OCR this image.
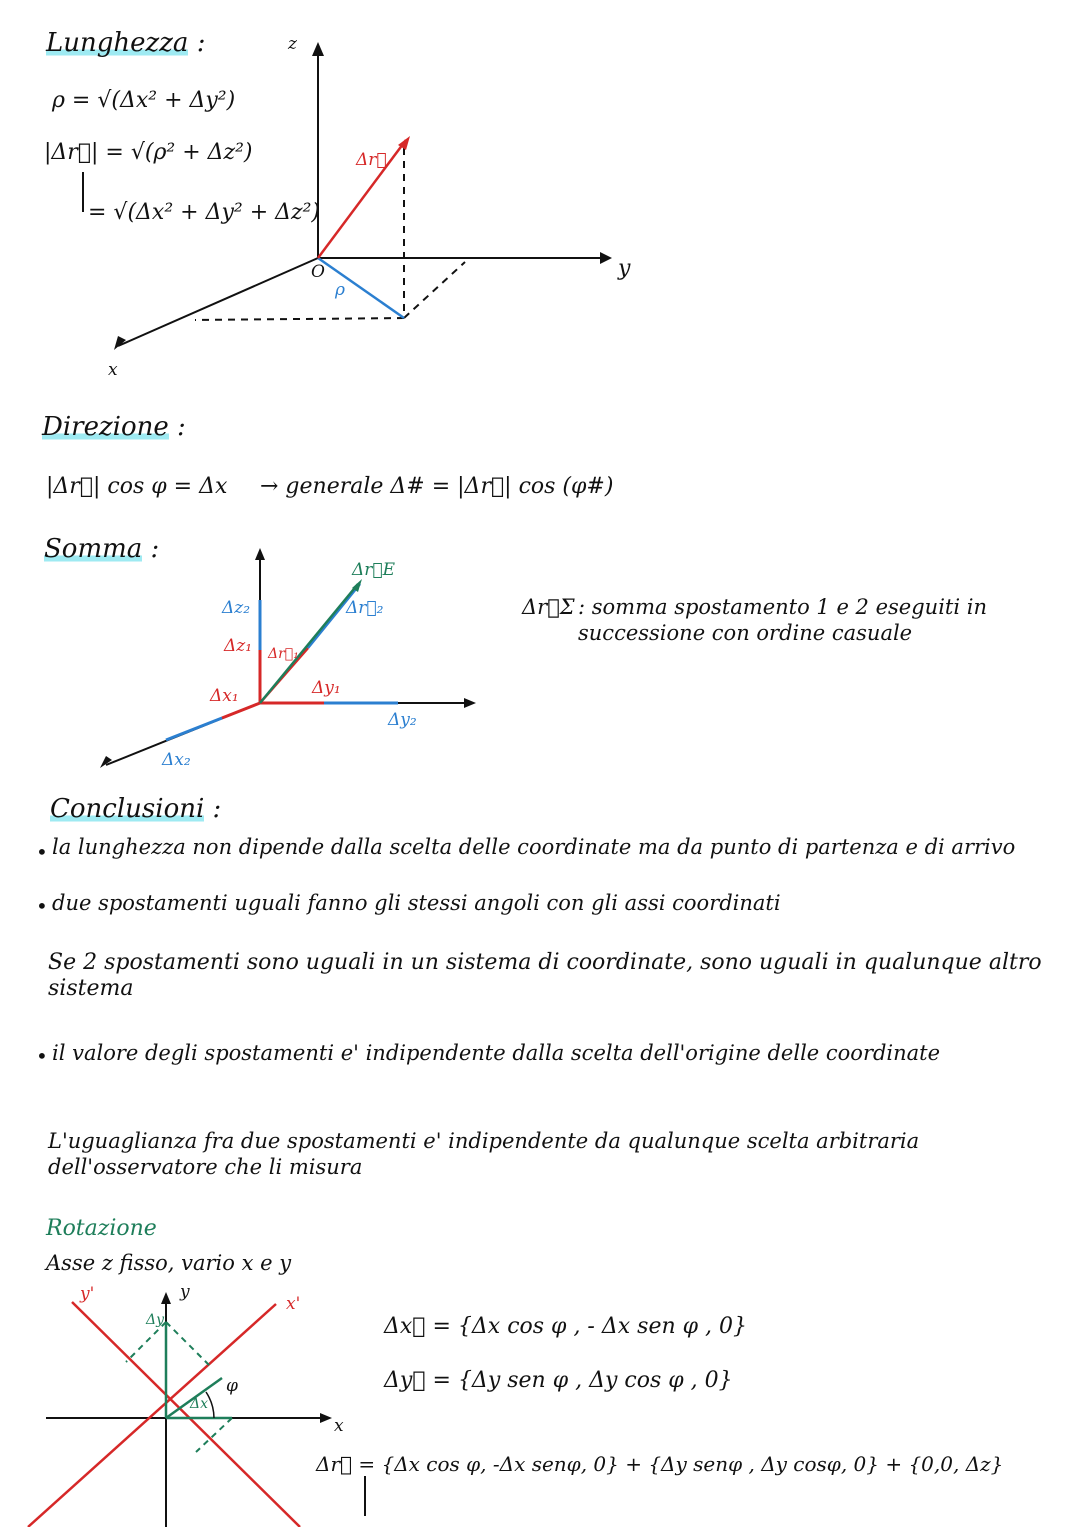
Lunghezza :
ρ = √(Δx² + Δy²)
|Δr⃗| = √(ρ² + Δz²)
= √(Δx² + Δy² + Δz²)
z
y
x
O
ρ
Δr⃗
Direzione :
|Δr⃗| cos φ = Δx → generale Δ# = |Δr⃗| cos (φ#)
Somma :
Δz₂
Δz₁ Δr⃗₁
Δr⃗E
Δr⃗₂
Δx₁	Δy₁
Δy₂
Δx₂
Δr⃗Σ : somma spostamento 1 e 2 eseguiti in successione con ordine casuale
Conclusioni :
• la lunghezza non dipende dalla scelta delle coordinate ma da punto di partenza e di arrivo
• due spostamenti uguali fanno gli stessi angoli con gli assi coordinati
Se 2 spostamenti sono uguali in un sistema di coordinate, sono uguali in qualunque altro sistema
• il valore degli spostamenti e' indipendente dalla scelta dell'origine delle coordinate
L'uguaglianza fra due spostamenti e' indipendente da qualunque scelta arbitraria dell'osservatore che li misura
Rotazione
Asse z fisso, vario x e y
y
x
y'	x'
Δy
Δx
φ
Δx⃗ = {Δx cos φ , - Δx sen φ , 0}
Δy⃗ = {Δy sen φ , Δy cos φ , 0}
Δr⃗ = {Δx cos φ, -Δx senφ, 0} + {Δy senφ , Δy cosφ, 0} + {0,0, Δz}
